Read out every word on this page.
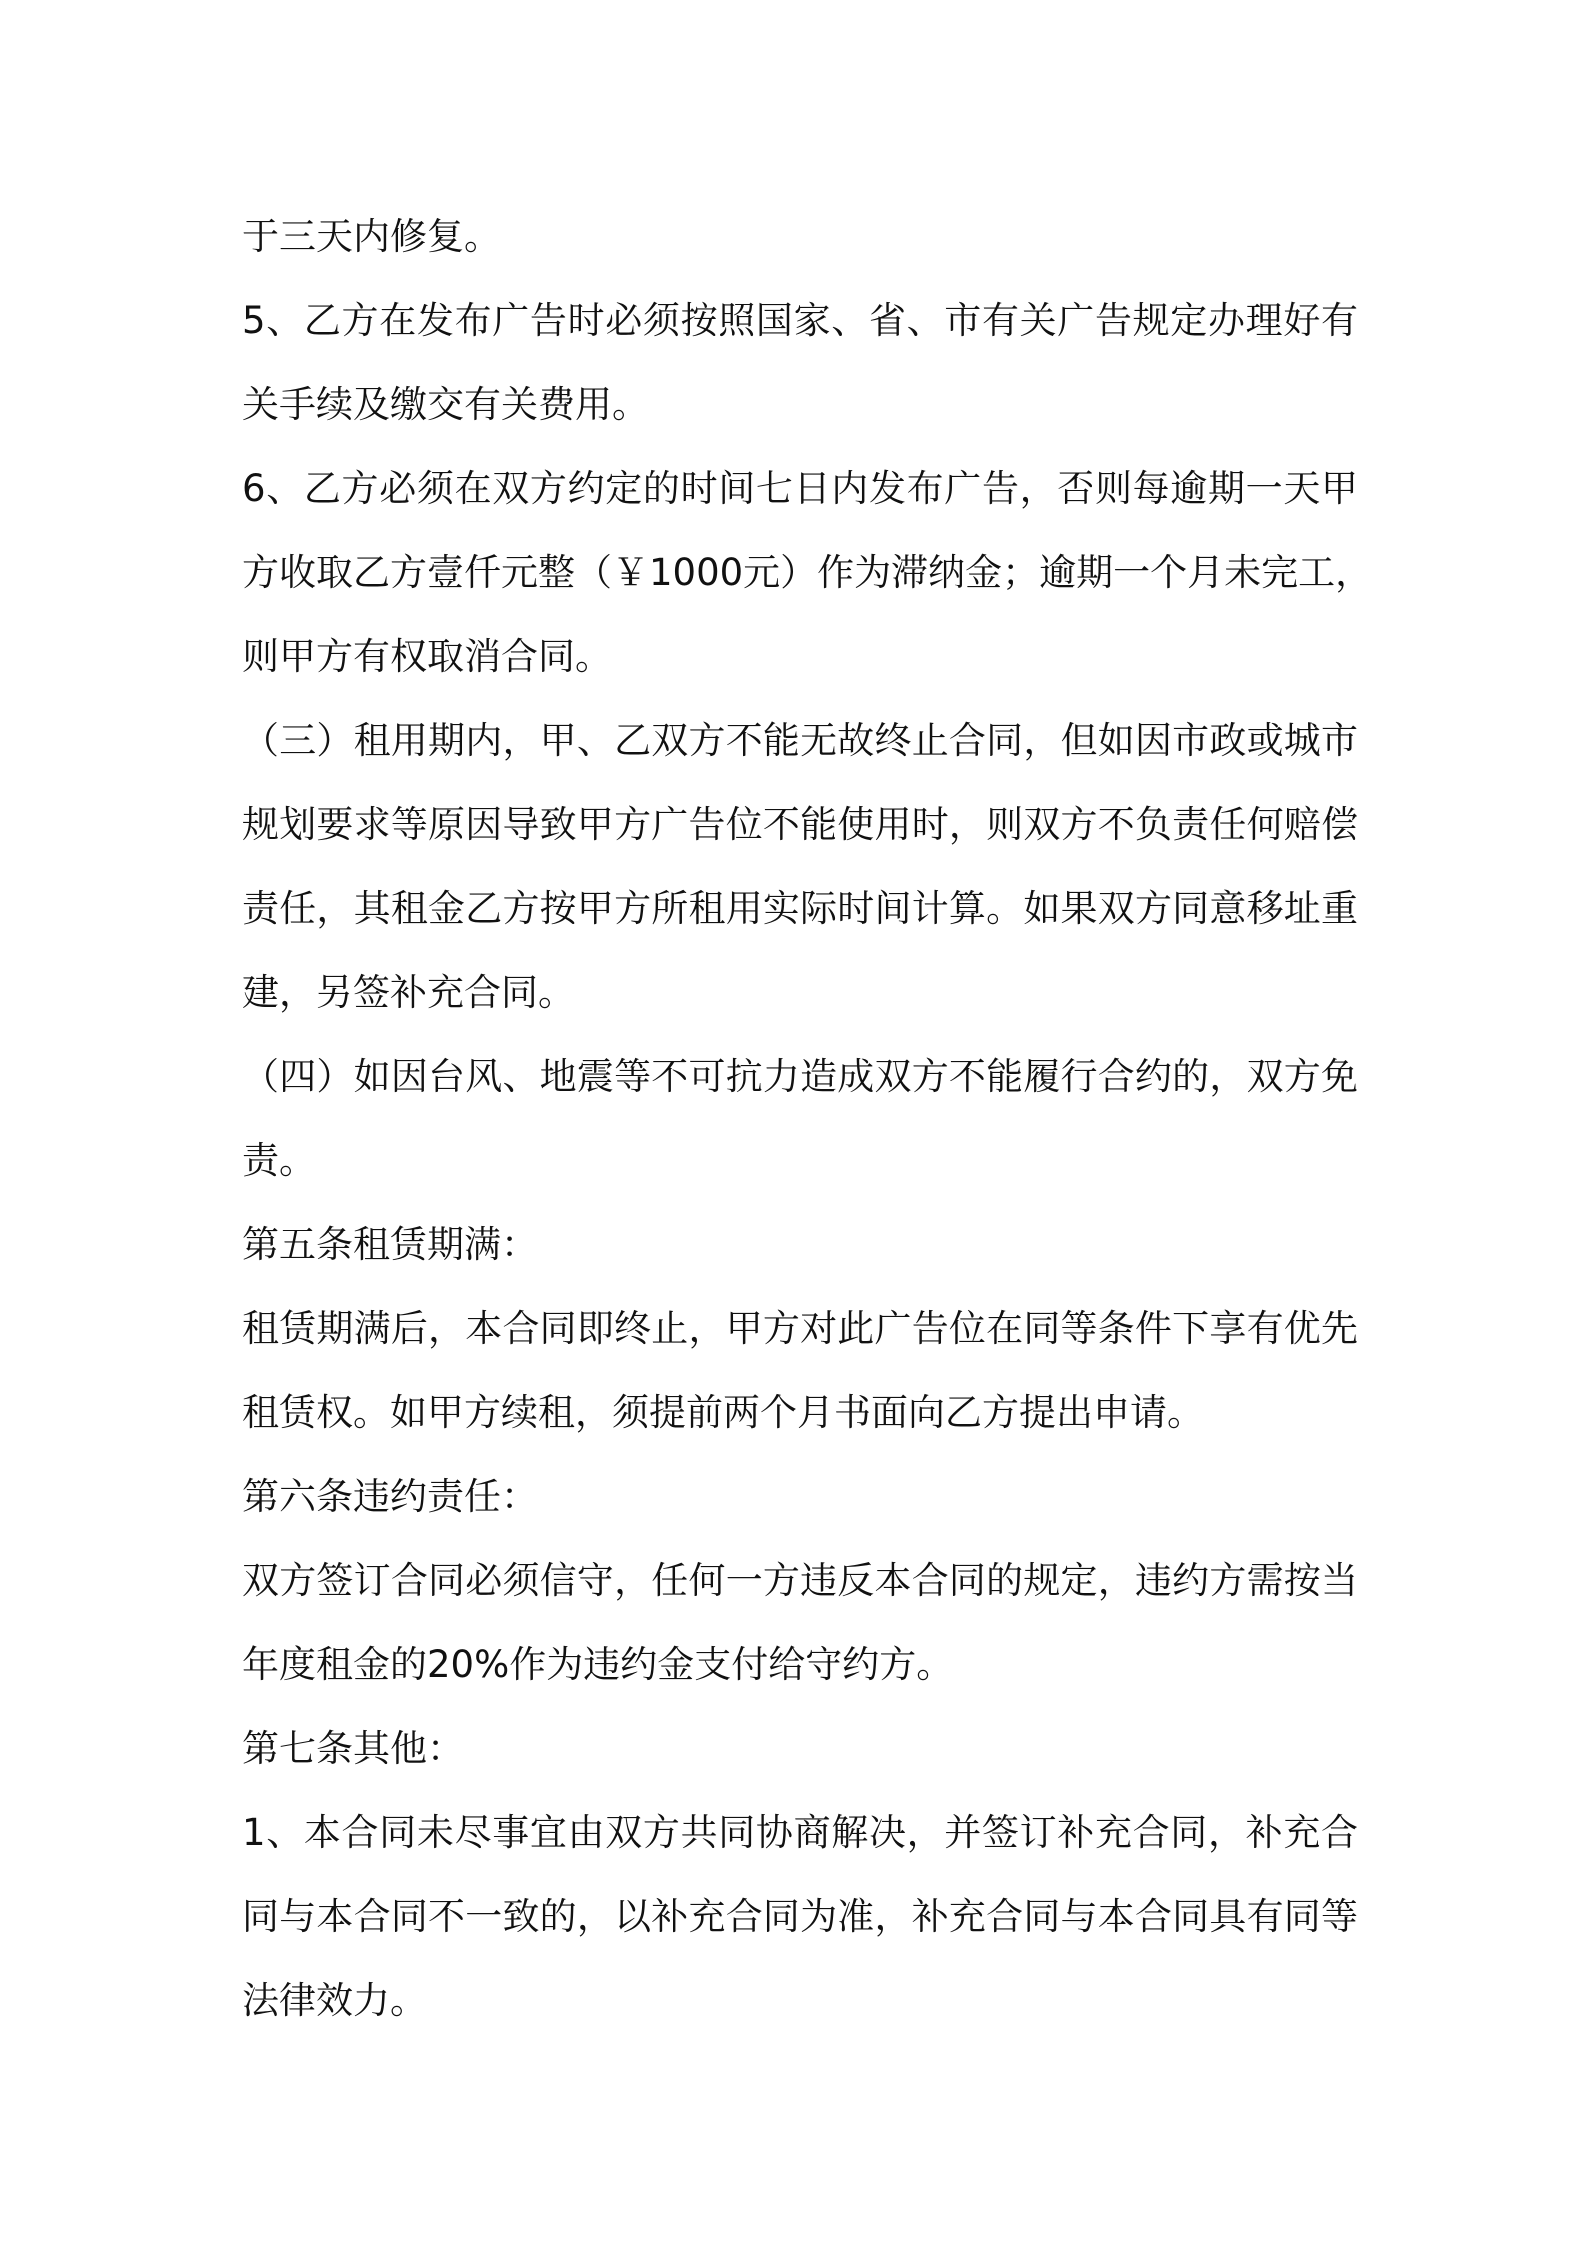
于三天内修复。
5、乙方在发布广告时必须按照国家、省、市有关广告规定办理好有
关手续及缴交有关费用。
6、乙方必须在双方约定的时间七日内发布广告，否则每逾期一天甲
方收取乙方壹仟元整（￥1000元）作为滞纳金；逾期一个月未完工，
则甲方有权取消合同。
（三）租用期内，甲、乙双方不能无故终止合同，但如因市政或城市
规划要求等原因导致甲方广告位不能使用时，则双方不负责任何赔偿
责任，其租金乙方按甲方所租用实际时间计算。如果双方同意移址重
建，另签补充合同。
（四）如因台风、地震等不可抗力造成双方不能履行合约的，双方免
责。
第五条租赁期满：
租赁期满后，本合同即终止，甲方对此广告位在同等条件下享有优先
租赁权。如甲方续租，须提前两个月书面向乙方提出申请。
第六条违约责任：
双方签订合同必须信守，任何一方违反本合同的规定，违约方需按当
年度租金的20%作为违约金支付给守约方。
第七条其他：
1、本合同未尽事宜由双方共同协商解决，并签订补充合同，补充合
同与本合同不一致的，以补充合同为准，补充合同与本合同具有同等
法律效力。
